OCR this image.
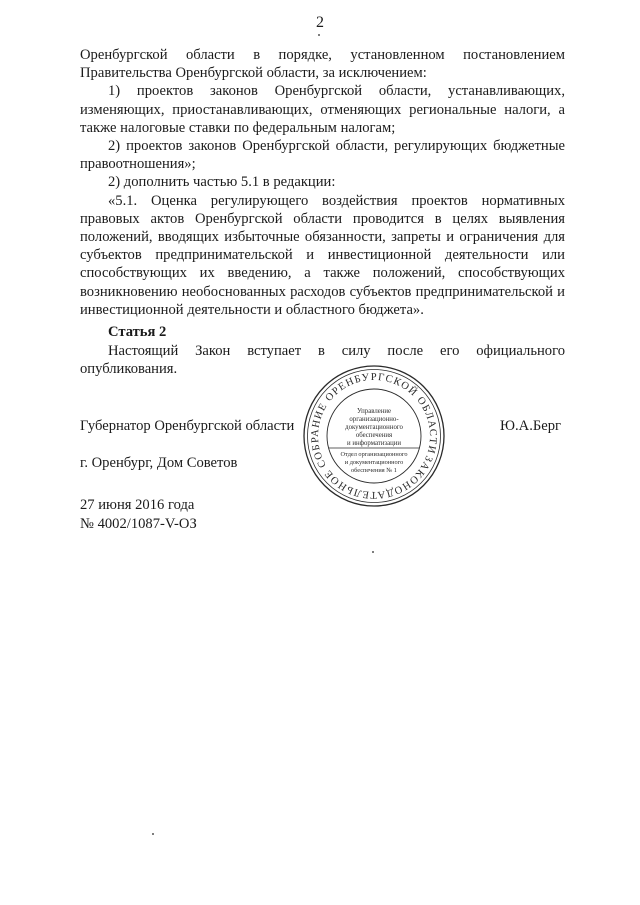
2

Оренбургской области в порядке, установленном постановлением Правительства Оренбургской области, за исключением:

1) проектов законов Оренбургской области, устанавливающих, изменяющих, приостанавливающих, отменяющих региональные налоги, а также налоговые ставки по федеральным налогам;

2) проектов законов Оренбургской области, регулирующих бюджетные правоотношения»;

2) дополнить частью 5.1 в редакции:

«5.1. Оценка регулирующего воздействия проектов нормативных правовых актов Оренбургской области проводится в целях выявления положений, вводящих избыточные обязанности, запреты и ограничения для субъектов предпринимательской и инвестиционной деятельности или способствующих их введению, а также положений, способствующих возникновению необоснованных расходов субъектов предпринимательской и инвестиционной деятельности и областного бюджета».

Статья 2

Настоящий Закон вступает в силу после его официального опубликования.

Губернатор Оренбургской области	Ю.А.Берг
г. Оренбург, Дом Советов
27 июня 2016 года
№ 4002/1087-V-ОЗ
ЗАКОНОДАТЕЛЬНОЕ СОБРАНИЕ ОРЕНБУРГСКОЙ ОБЛАСТИ
Управление
организационно-
документационного
обеспечения
и информатизации
Отдел организационного
и документационного
обеспечения № 1
